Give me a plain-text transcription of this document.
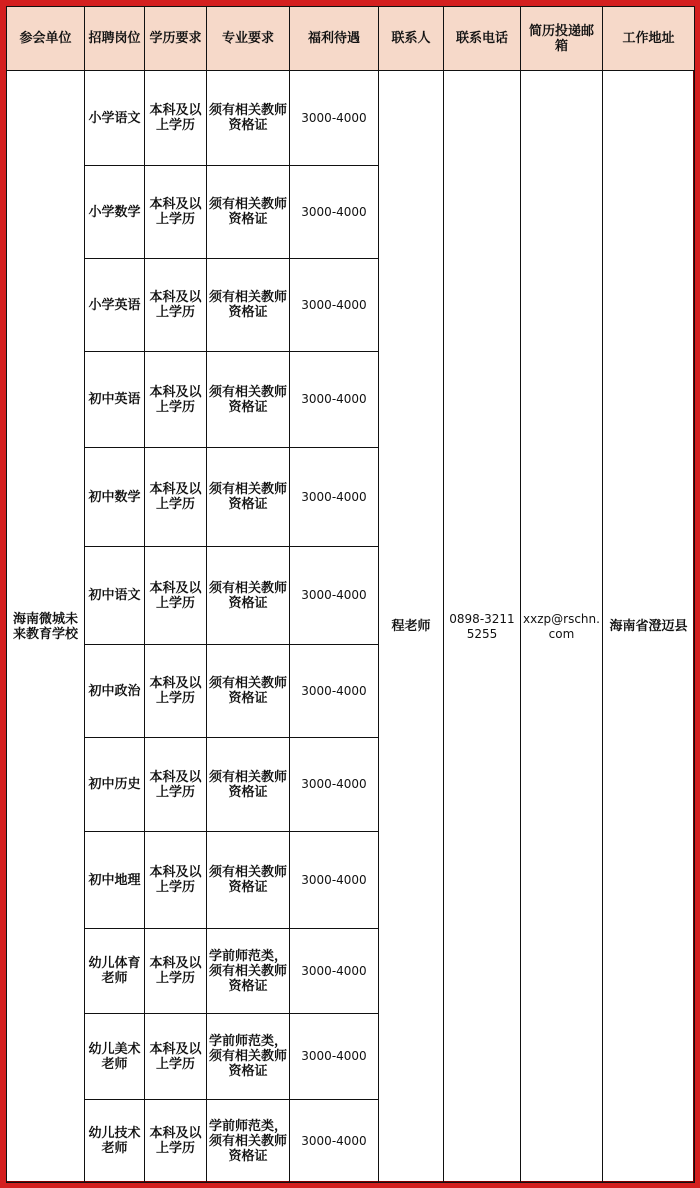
参会单位	招聘岗位	学历要求	专业要求	福利待遇	联系人	联系电话	简历投递邮箱	工作地址
海南微城未来教育学校	小学语文	本科及以上学历	须有相关教师资格证	3000-4000	程老师	0898-32115255	xxzp@rschn.com	海南省澄迈县
	小学数学	本科及以上学历	须有相关教师资格证	3000-4000				
	小学英语	本科及以上学历	须有相关教师资格证	3000-4000				
	初中英语	本科及以上学历	须有相关教师资格证	3000-4000				
	初中数学	本科及以上学历	须有相关教师资格证	3000-4000				
	初中语文	本科及以上学历	须有相关教师资格证	3000-4000				
	初中政治	本科及以上学历	须有相关教师资格证	3000-4000				
	初中历史	本科及以上学历	须有相关教师资格证	3000-4000				
	初中地理	本科及以上学历	须有相关教师资格证	3000-4000				
	幼儿体育老师	本科及以上学历	学前师范类，须有相关教师资格证	3000-4000				
	幼儿美术老师	本科及以上学历	学前师范类，须有相关教师资格证	3000-4000				
	幼儿技术老师	本科及以上学历	学前师范类，须有相关教师资格证	3000-4000				
